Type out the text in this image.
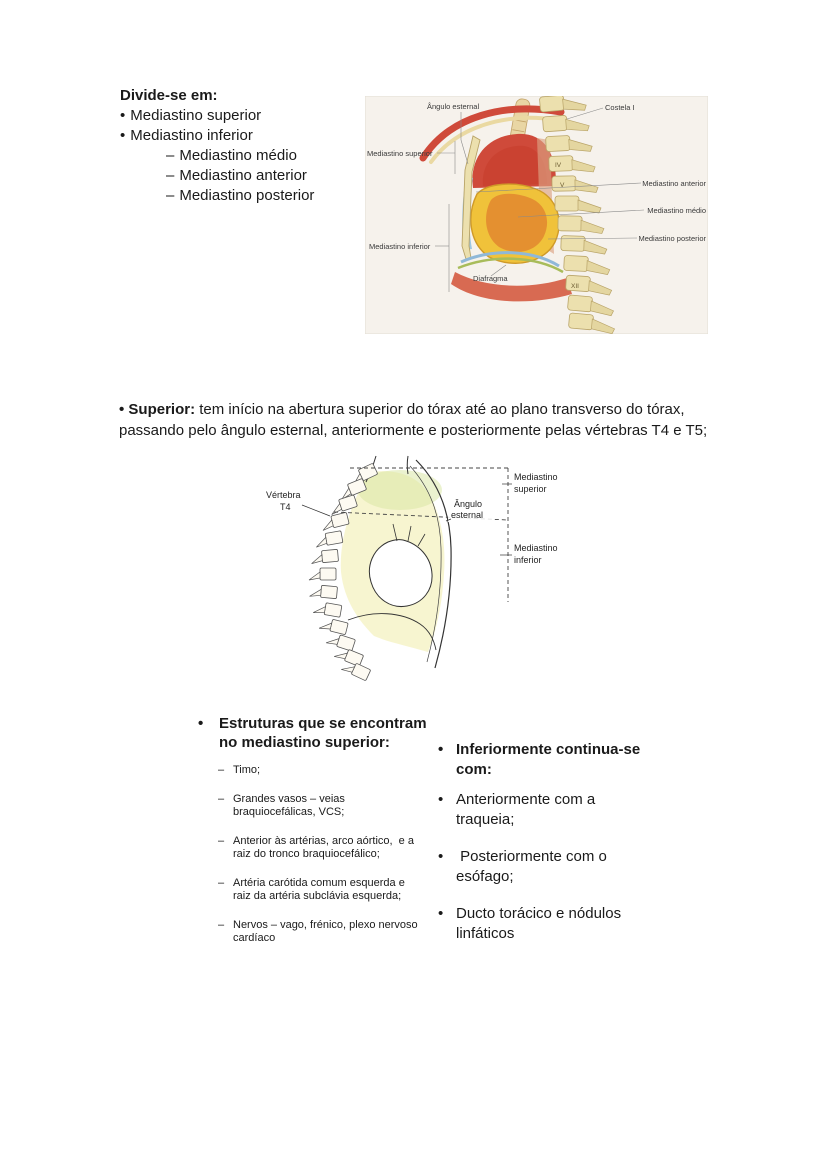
Divide-se em:

• Mediastino superior

• Mediastino inferior

– Mediastino médio

– Mediastino anterior

– Mediastino posterior

IV
V
XII
Ângulo esternal	Costela I
Mediastino superior
Mediastino anterior
Mediastino médio
Mediastino posterior
Mediastino inferior
Diafragma

• Superior: tem início na abertura superior do tórax até ao plano transverso do tórax, passando pelo ângulo esternal, anteriormente e posteriormente pelas vértebras T4 e T5;

Vértebra
T4	Ângulo
esternal
Mediastino
superior
Mediastino
inferior
•	Estruturas que se encontram no mediastino superior:
– Timo;
– Grandes vasos – veias braquiocefálicas, VCS;
– Anterior às artérias, arco aórtico,  e a raiz do tronco braquiocefálico;
– Artéria carótida comum esquerda e raiz da artéria subclávia esquerda;
– Nervos – vago, frénico, plexo nervoso cardíaco
• Inferiormente continua-se com:
• Anteriormente com a traqueia;
• Posteriormente com o esófago;
• Ducto torácico e nódulos linfáticos
